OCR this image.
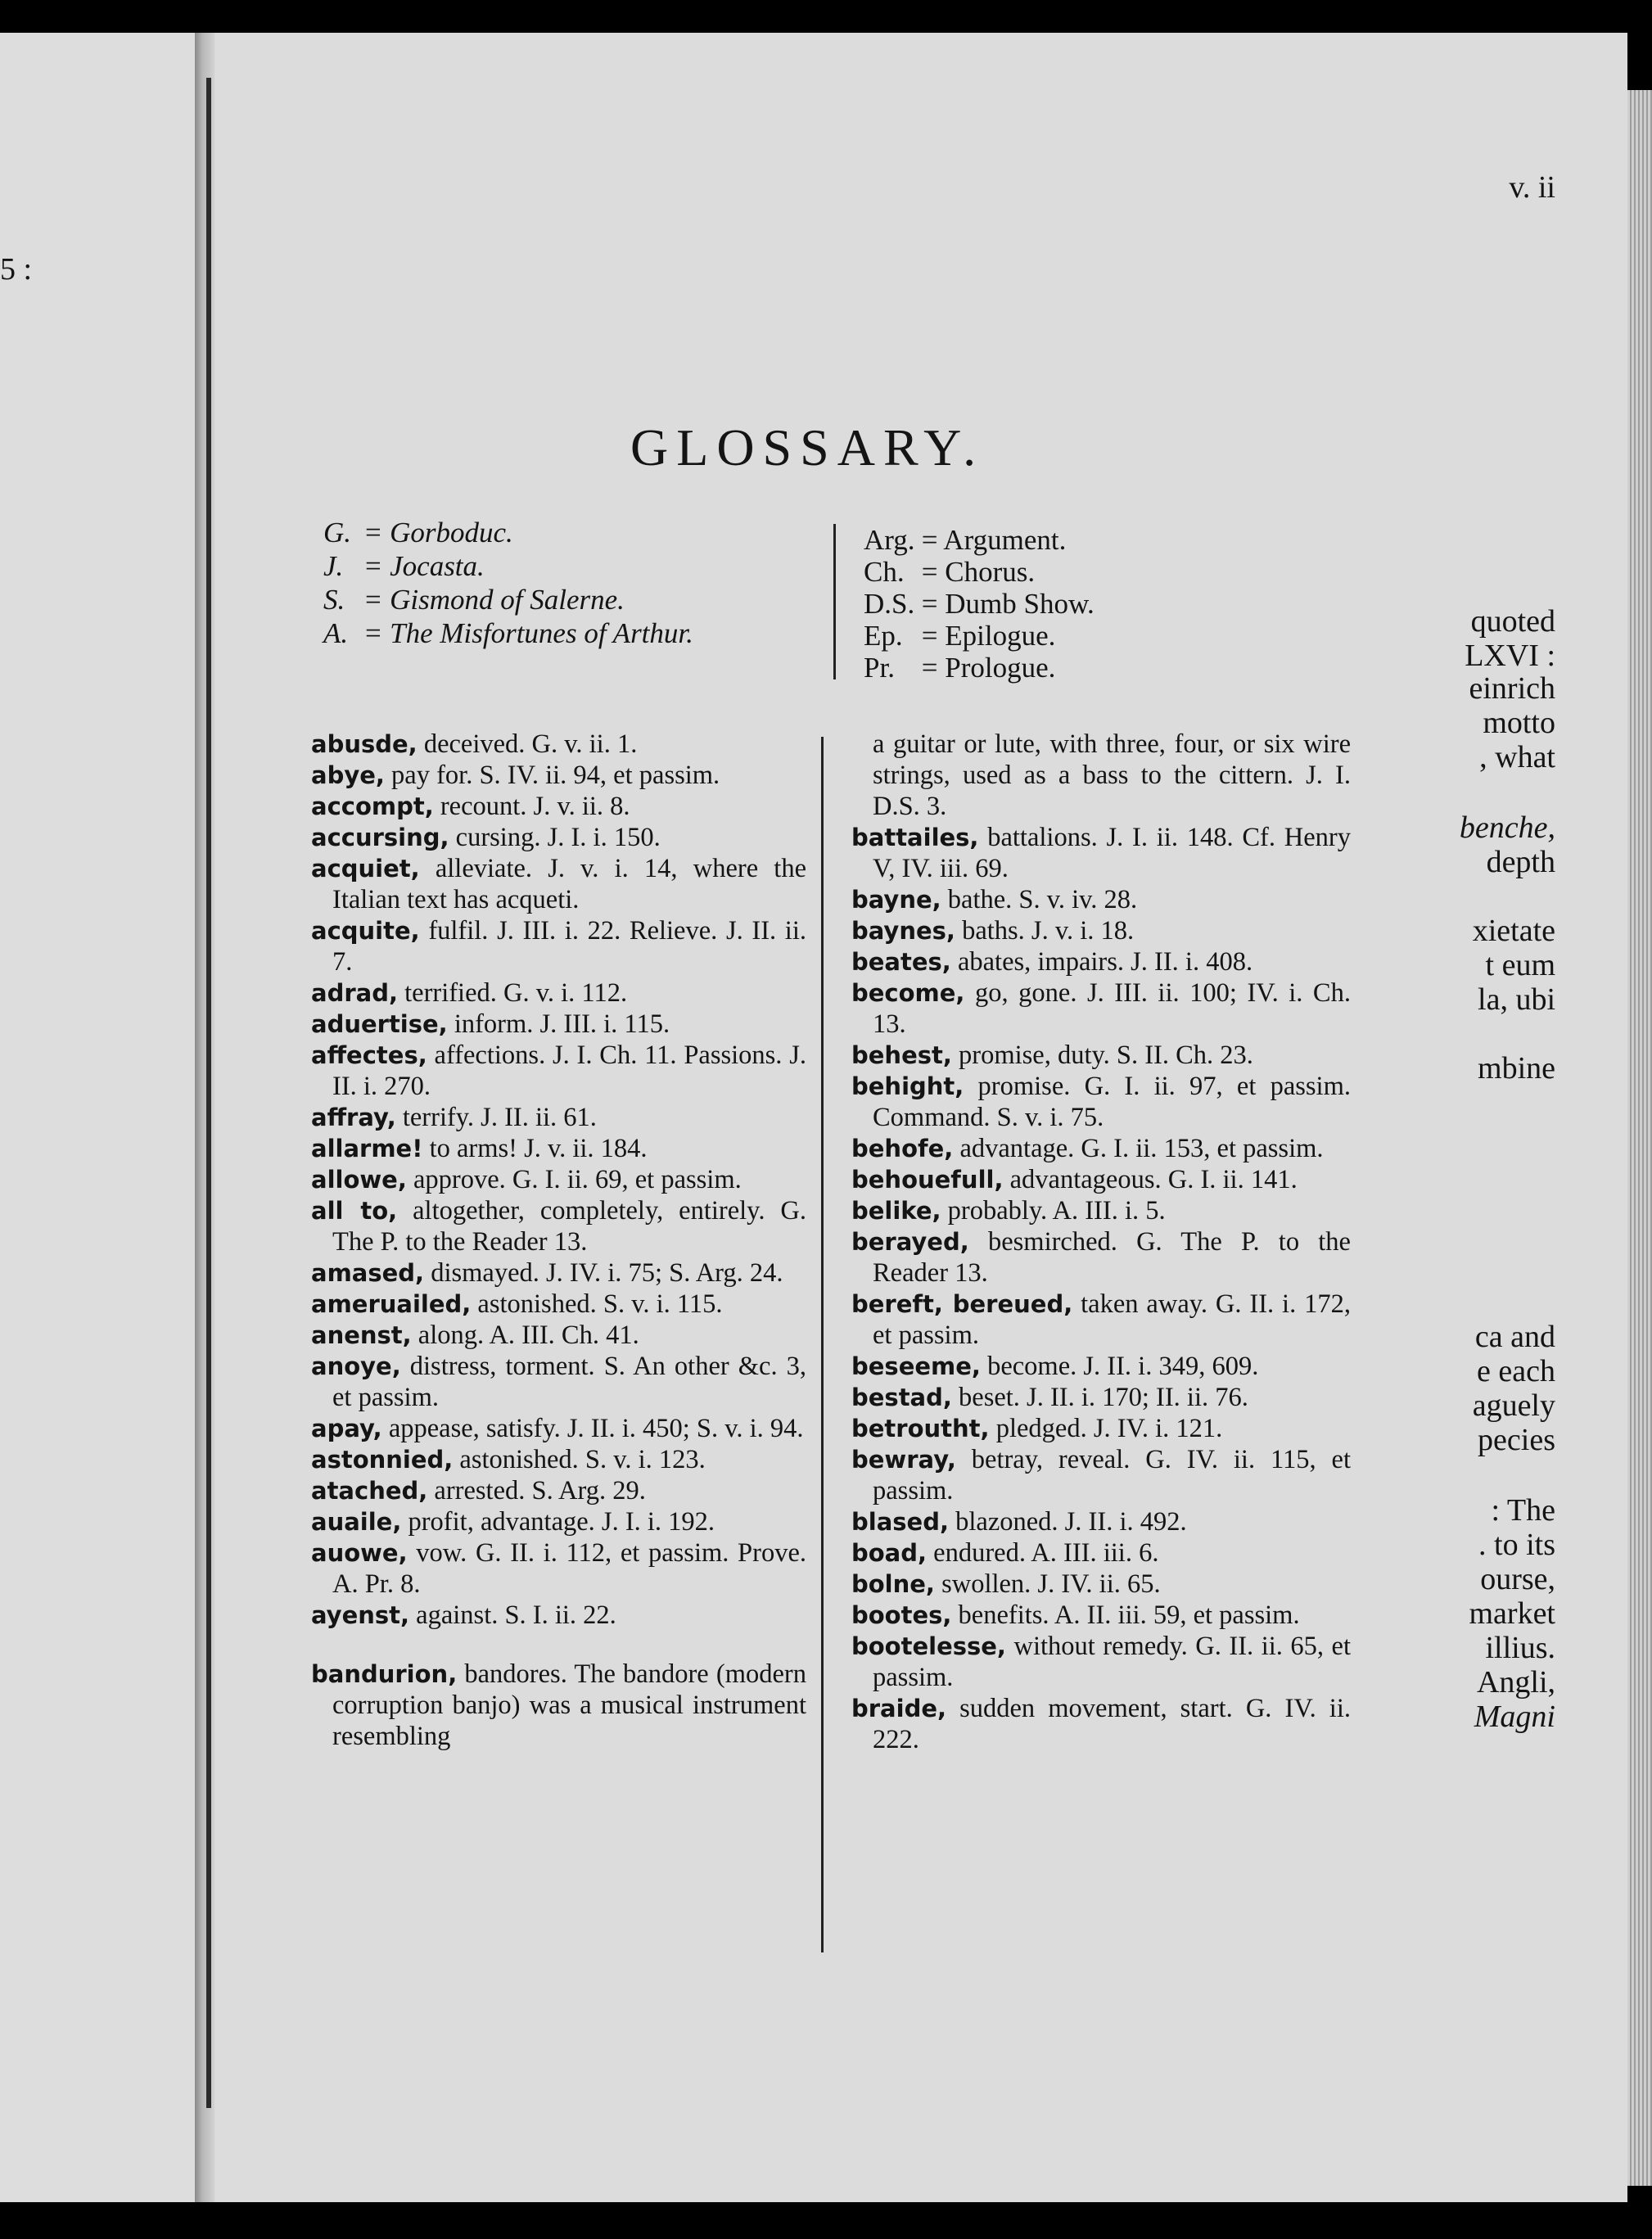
v. ii
5 :
quoted
LXVI :
einrich
motto
, what
benche,
depth
xietate
t eum
la, ubi
mbine
ca and
e each
aguely
pecies
: The
. to its
ourse,
market
illius.
Angli,
Magni
GLOSSARY.
G. = Gorboduc.
J. = Jocasta.
S. = Gismond of Salerne.
A. = The Misfortunes of Arthur.
Arg. = Argument.
Ch. = Chorus.
D.S. = Dumb Show.
Ep. = Epilogue.
Pr. = Prologue.
abusde, deceived. G. v. ii. 1.
abye, pay for. S. IV. ii. 94, et passim.
accompt, recount. J. v. ii. 8.
accursing, cursing. J. I. i. 150.
acquiet, alleviate. J. v. i. 14, where the Italian text has acqueti.
acquite, fulfil. J. III. i. 22. Relieve. J. II. ii. 7.
adrad, terrified. G. v. i. 112.
aduertise, inform. J. III. i. 115.
affectes, affections. J. I. Ch. 11. Passions. J. II. i. 270.
affray, terrify. J. II. ii. 61.
allarme! to arms! J. v. ii. 184.
allowe, approve. G. I. ii. 69, et passim.
all to, altogether, completely, entirely. G. The P. to the Reader 13.
amased, dismayed. J. IV. i. 75; S. Arg. 24.
ameruailed, astonished. S. v. i. 115.
anenst, along. A. III. Ch. 41.
anoye, distress, torment. S. An other &c. 3, et passim.
apay, appease, satisfy. J. II. i. 450; S. v. i. 94.
astonnied, astonished. S. v. i. 123.
atached, arrested. S. Arg. 29.
auaile, profit, advantage. J. I. i. 192.
auowe, vow. G. II. i. 112, et passim. Prove. A. Pr. 8.
ayenst, against. S. I. ii. 22.
bandurion, bandores. The bandore (modern corruption banjo) was a musical instrument resembling
a guitar or lute, with three, four, or six wire strings, used as a bass to the cittern. J. I. D.S. 3.
battailes, battalions. J. I. ii. 148. Cf. Henry V, IV. iii. 69.
bayne, bathe. S. v. iv. 28.
baynes, baths. J. v. i. 18.
beates, abates, impairs. J. II. i. 408.
become, go, gone. J. III. ii. 100; IV. i. Ch. 13.
behest, promise, duty. S. II. Ch. 23.
behight, promise. G. I. ii. 97, et passim. Command. S. v. i. 75.
behofe, advantage. G. I. ii. 153, et passim.
behouefull, advantageous. G. I. ii. 141.
belike, probably. A. III. i. 5.
berayed, besmirched. G. The P. to the Reader 13.
bereft, bereued, taken away. G. II. i. 172, et passim.
beseeme, become. J. II. i. 349, 609.
bestad, beset. J. II. i. 170; II. ii. 76.
betroutht, pledged. J. IV. i. 121.
bewray, betray, reveal. G. IV. ii. 115, et passim.
blased, blazoned. J. II. i. 492.
boad, endured. A. III. iii. 6.
bolne, swollen. J. IV. ii. 65.
bootes, benefits. A. II. iii. 59, et passim.
bootelesse, without remedy. G. II. ii. 65, et passim.
braide, sudden movement, start. G. IV. ii. 222.
